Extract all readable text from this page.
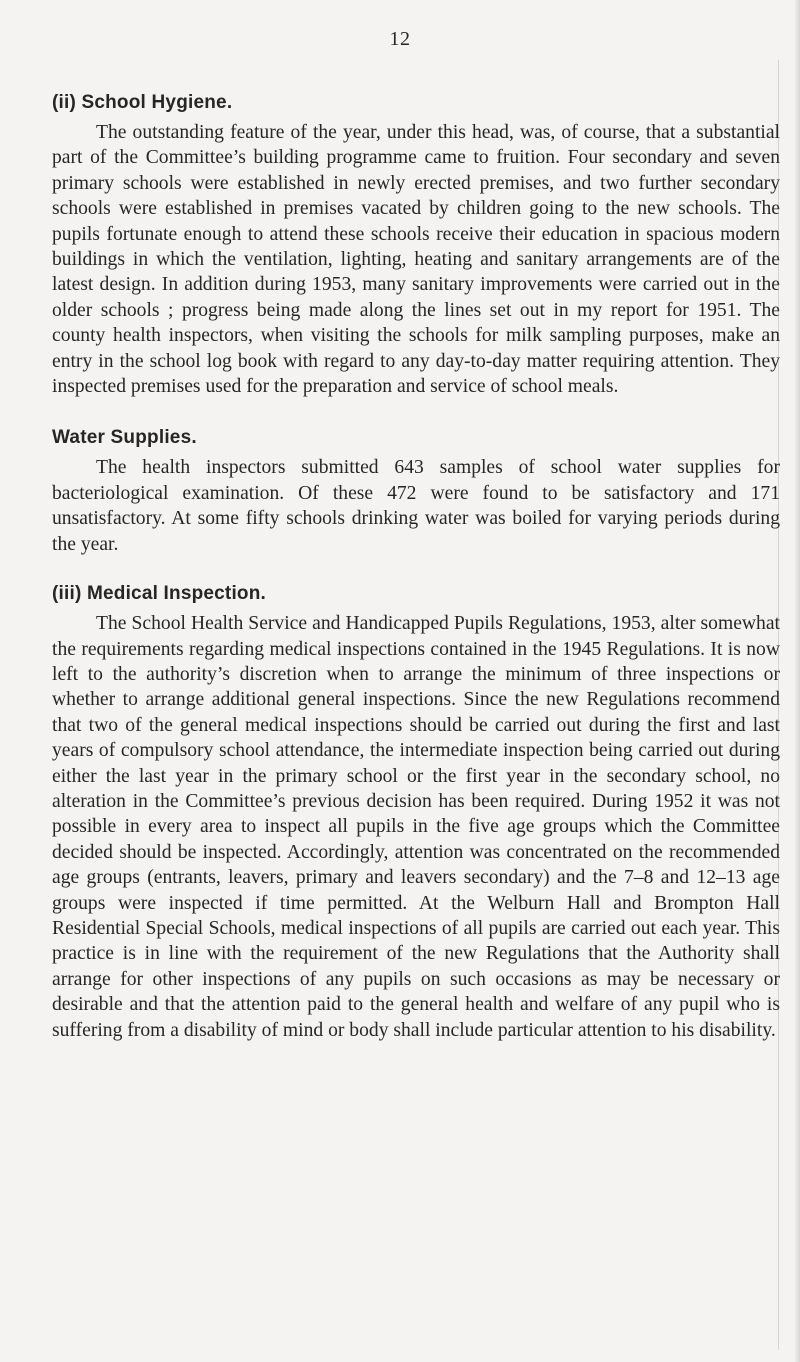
12
(ii) School Hygiene.

The outstanding feature of the year, under this head, was, of course, that a substantial part of the Committee’s building programme came to fruition. Four secondary and seven primary schools were established in newly erected premises, and two further secondary schools were established in premises vacated by children going to the new schools. The pupils fortunate enough to attend these schools receive their education in spacious modern buildings in which the ventilation, lighting, heating and sanitary arrangements are of the latest design. In addition during 1953, many sanitary improvements were carried out in the older schools ; progress being made along the lines set out in my report for 1951. The county health inspectors, when visiting the schools for milk sampling purposes, make an entry in the school log book with regard to any day-to-day matter requiring attention. They inspected premises used for the preparation and service of school meals.

Water Supplies.

The health inspectors submitted 643 samples of school water supplies for bacteriological examination. Of these 472 were found to be satisfactory and 171 unsatisfactory. At some fifty schools drinking water was boiled for varying periods during the year.

(iii) Medical Inspection.

The School Health Service and Handicapped Pupils Regulations, 1953, alter somewhat the requirements regarding medical inspections contained in the 1945 Regulations. It is now left to the authority’s discretion when to arrange the minimum of three inspections or whether to arrange additional general inspections. Since the new Regulations recommend that two of the general medical inspections should be carried out during the first and last years of compulsory school attendance, the intermediate inspection being carried out during either the last year in the primary school or the first year in the secondary school, no alteration in the Committee’s previous decision has been required. During 1952 it was not possible in every area to inspect all pupils in the five age groups which the Committee decided should be inspected. Accordingly, attention was concentrated on the recommended age groups (entrants, leavers, primary and leavers secondary) and the 7–8 and 12–13 age groups were inspected if time permitted. At the Welburn Hall and Brompton Hall Residential Special Schools, medical inspections of all pupils are carried out each year. This practice is in line with the requirement of the new Regulations that the Authority shall arrange for other inspections of any pupils on such occasions as may be necessary or desirable and that the attention paid to the general health and welfare of any pupil who is suffering from a disability of mind or body shall include particular attention to his disability.
